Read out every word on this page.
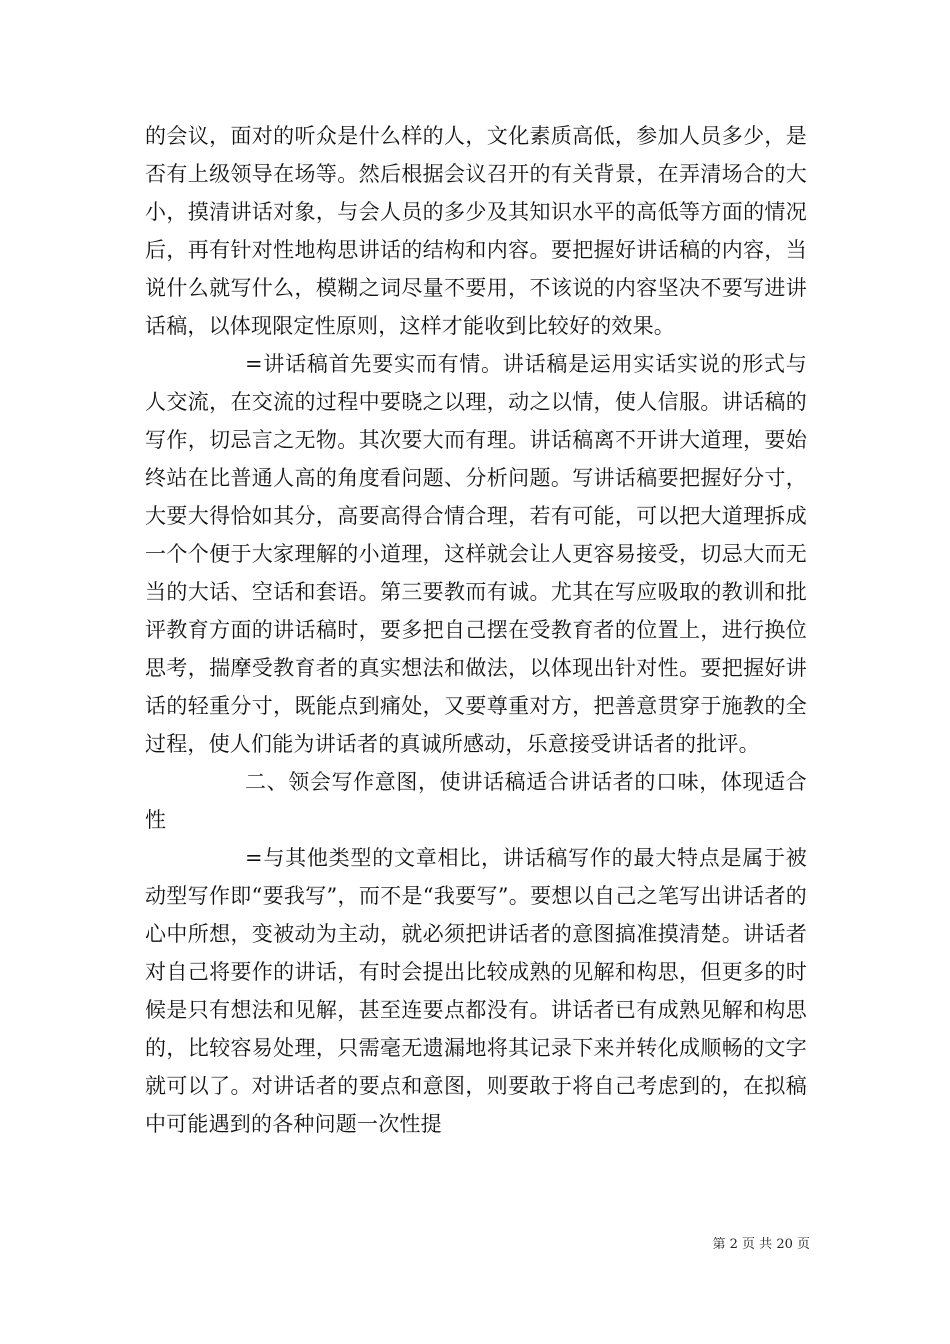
的会议，面对的听众是什么样的人，文化素质高低，参加人员多少，是否有上级领导在场等。然后根据会议召开的有关背景，在弄清场合的大小，摸清讲话对象，与会人员的多少及其知识水平的高低等方面的情况后，再有针对性地构思讲话的结构和内容。要把握好讲话稿的内容，当说什么就写什么，模糊之词尽量不要用，不该说的内容坚决不要写进讲话稿，以体现限定性原则，这样才能收到比较好的效果。

=讲话稿首先要实而有情。讲话稿是运用实话实说的形式与人交流，在交流的过程中要晓之以理，动之以情，使人信服。讲话稿的写作，切忌言之无物。其次要大而有理。讲话稿离不开讲大道理，要始终站在比普通人高的角度看问题、分析问题。写讲话稿要把握好分寸，大要大得恰如其分，高要高得合情合理，若有可能，可以把大道理拆成一个个便于大家理解的小道理，这样就会让人更容易接受，切忌大而无当的大话、空话和套语。第三要教而有诚。尤其在写应吸取的教训和批评教育方面的讲话稿时，要多把自己摆在受教育者的位置上，进行换位思考，揣摩受教育者的真实想法和做法，以体现出针对性。要把握好讲话的轻重分寸，既能点到痛处，又要尊重对方，把善意贯穿于施教的全过程，使人们能为讲话者的真诚所感动，乐意接受讲话者的批评。

二、领会写作意图，使讲话稿适合讲话者的口味，体现适合性

=与其他类型的文章相比，讲话稿写作的最大特点是属于被动型写作即“要我写”，而不是“我要写”。要想以自己之笔写出讲话者的心中所想，变被动为主动，就必须把讲话者的意图搞准摸清楚。讲话者对自己将要作的讲话，有时会提出比较成熟的见解和构思，但更多的时候是只有想法和见解，甚至连要点都没有。讲话者已有成熟见解和构思的，比较容易处理，只需毫无遗漏地将其记录下来并转化成顺畅的文字就可以了。对讲话者的要点和意图，则要敢于将自己考虑到的，在拟稿中可能遇到的各种问题一次性提

第 2 页 共 20 页
